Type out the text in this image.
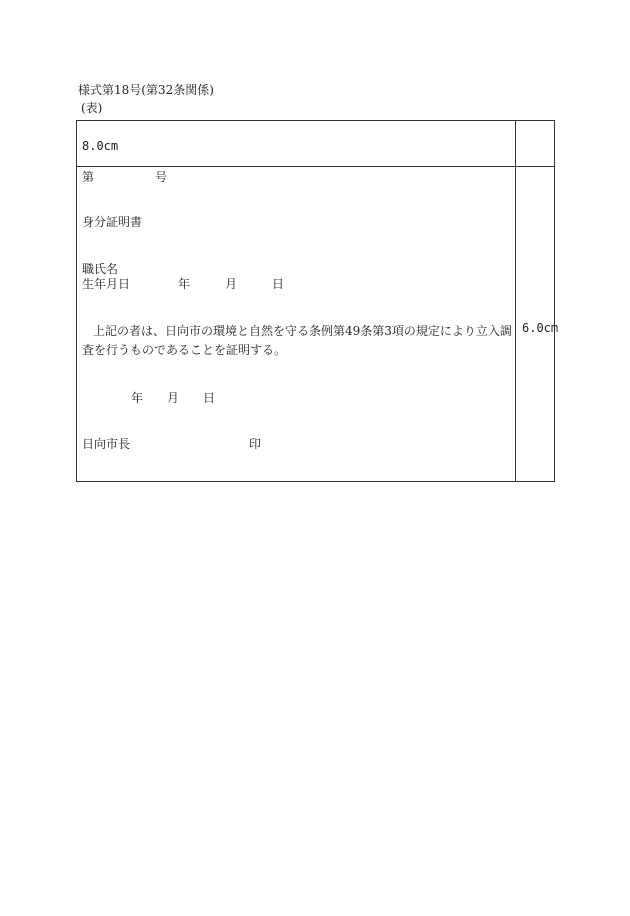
様式第18号(第32条関係)
(表)
8.0cm
6.0cm
第	号
身分証明書
職氏名
生年月日	年	月	日
上記の者は、日向市の環境と自然を守る条例第49条第3項の規定により立入調査を行うものであることを証明する。
年 月 日
日向市長	印
